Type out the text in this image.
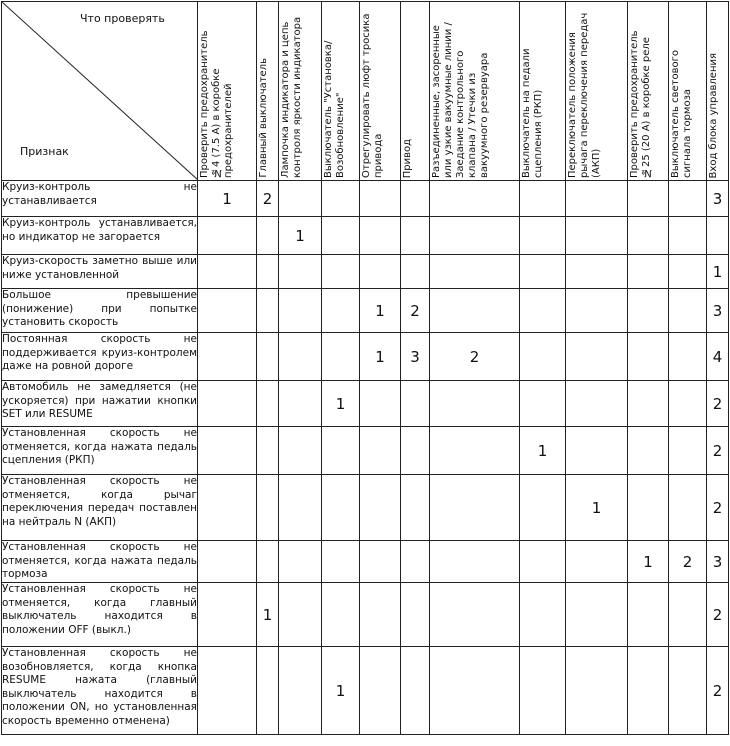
Что проверять
Признак	Проверить предохранитель №4 (7.5 А) в коробке предохранителей	Главный выключатель	Лампочка индикатора и цепь контроля яркости индикатора	Выключатель "Установка/Возобновление"	Отрегулировать люфт тросика привода	Привод	Разъединенные, засоренные или узкие вакуумные линии / Заедание контрольного клапана / Утечки из вакуумного резервуара	Выключатель на педали сцепления (РКП)	Переключатель положения рычага переключения передач (АКП)	Проверить предохранитель №25 (20 А) в коробке реле	Выключатель светового сигнала тормоза	Вход блока управления

Круиз-контроль не устанавливается	1	2										3
Круиз-контроль устанавливается, но индикатор не загорается			1									
Круиз-скорость заметно выше или ниже установленной												1
Большое превышение (понижение) при попытке установить скорость					1	2						3
Постоянная скорость не поддерживается круиз-контролем даже на ровной дороге					1	3	2					4
Автомобиль не замедляется (не ускоряется) при нажатии кнопки SET или RESUME				1								2
Установленная скорость не отменяется, когда нажата педаль сцепления (РКП)								1				2
Установленная скорость не отменяется, когда рычаг переключения передач поставлен на нейтраль N (АКП)									1			2
Установленная скорость не отменяется, когда нажата педаль тормоза										1	2	3
Установленная скорость не отменяется, когда главный выключатель находится в положении OFF (выкл.)		1										2
Установленная скорость не возобновляется, когда кнопка RESUME нажата (главный выключатель находится в положении ON, но установленная скорость временно отменена)				1								2
